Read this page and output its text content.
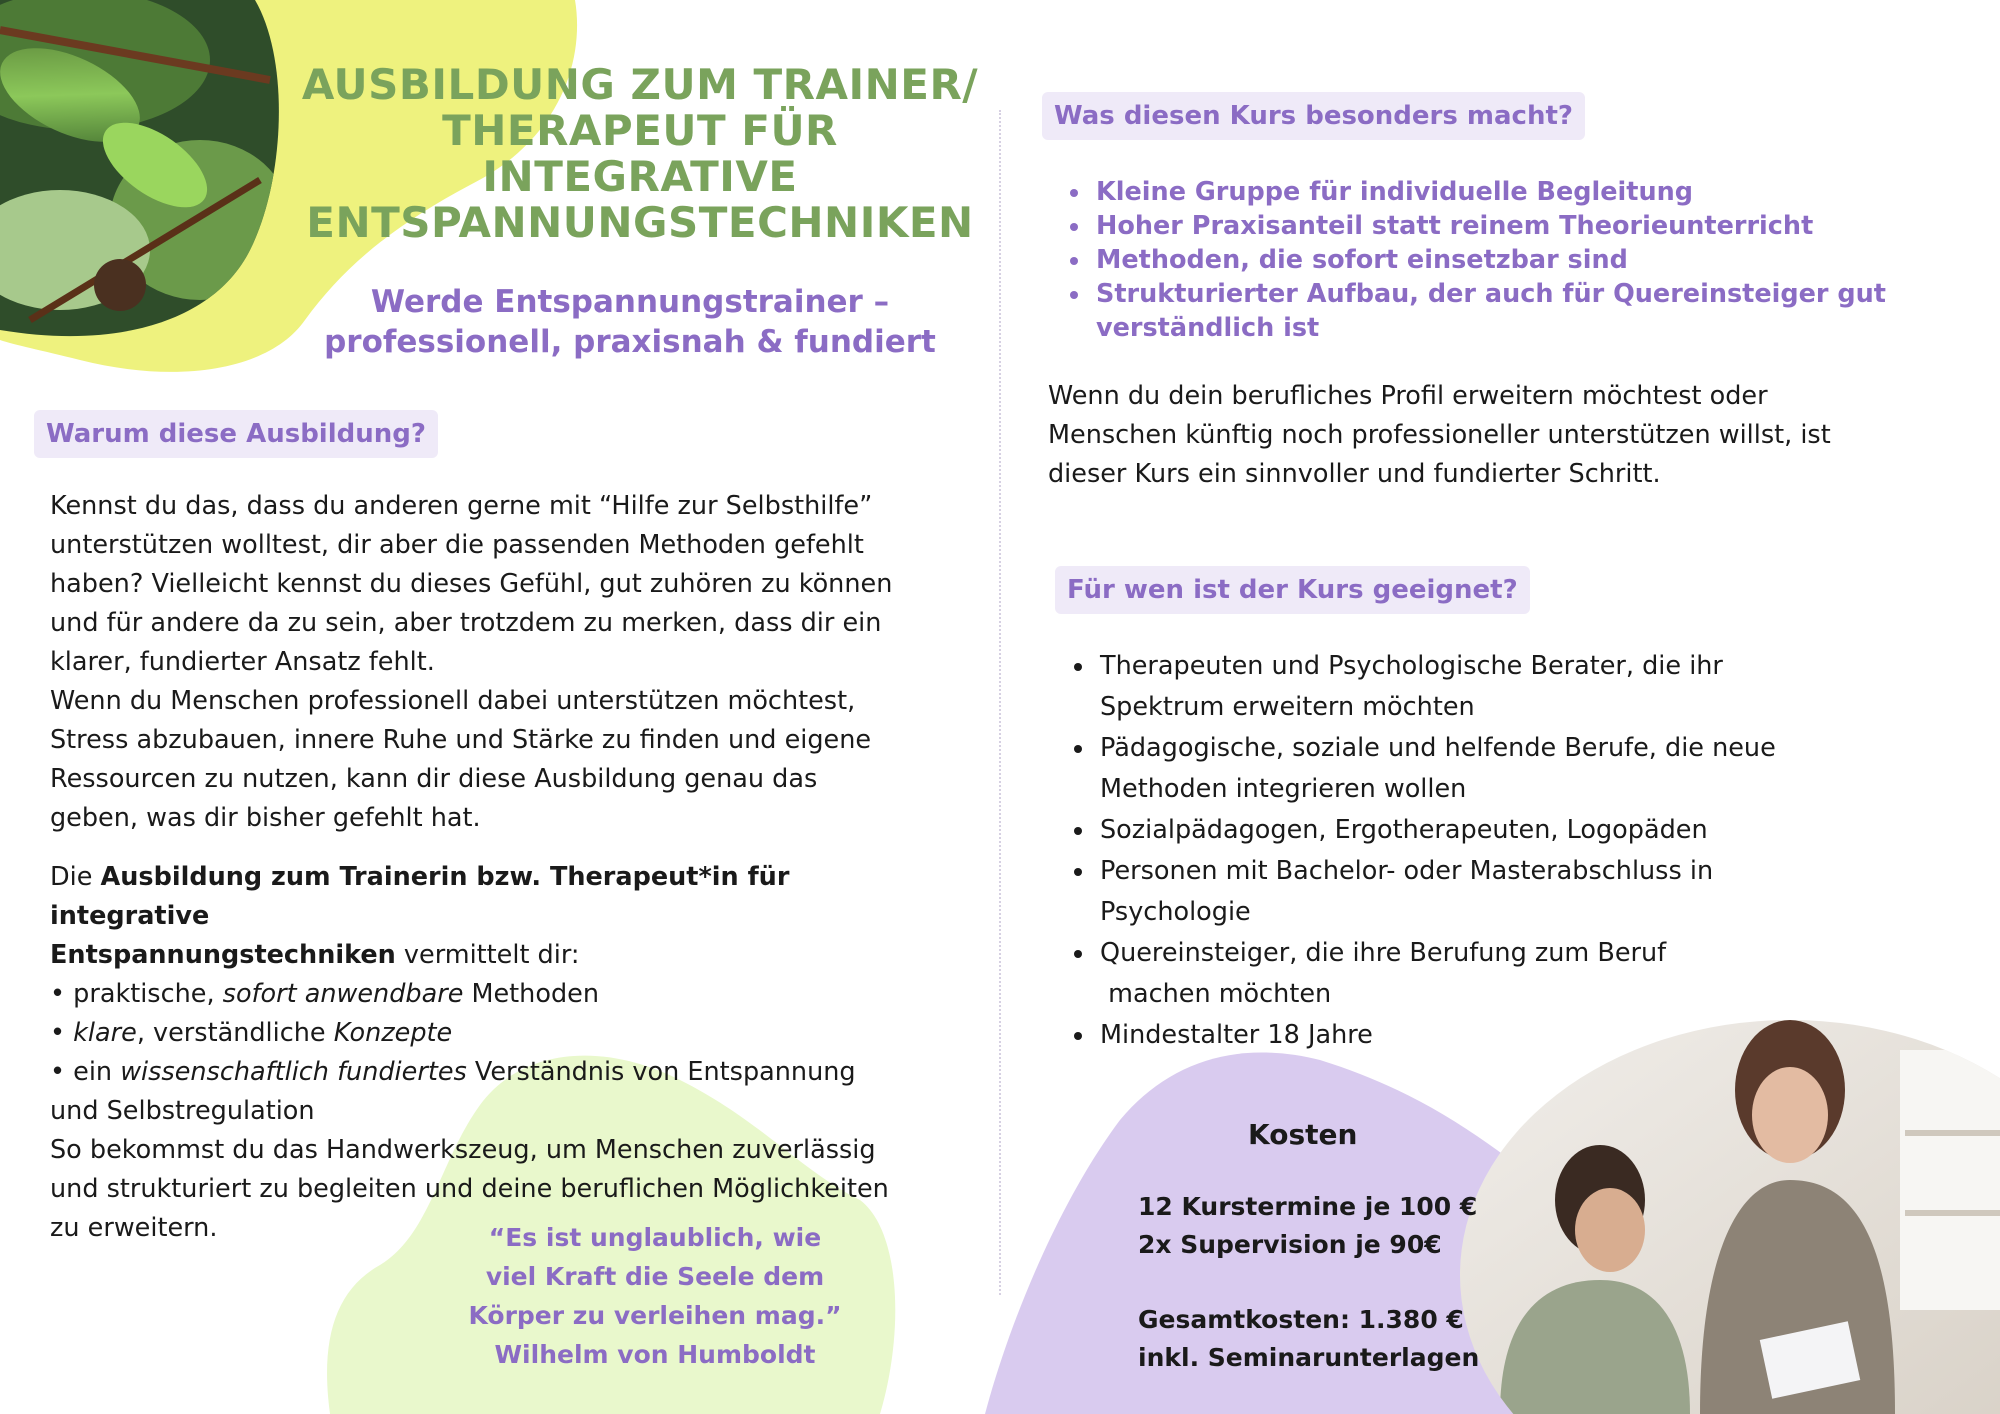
AUSBILDUNG ZUM TRAINER/
THERAPEUT FÜR
INTEGRATIVE
ENTSPANNUNGSTECHNIKEN
Werde Entspannungstrainer –
professionell, praxisnah & fundiert
Warum diese Ausbildung?

Kennst du das, dass du anderen gerne mit “Hilfe zur Selbsthilfe”

unterstützen wolltest, dir aber die passenden Methoden gefehlt

haben? Vielleicht kennst du dieses Gefühl, gut zuhören zu können

und für andere da zu sein, aber trotzdem zu merken, dass dir ein

klarer, fundierter Ansatz fehlt.

Wenn du Menschen professionell dabei unterstützen möchtest,

Stress abzubauen, innere Ruhe und Stärke zu finden und eigene

Ressourcen zu nutzen, kann dir diese Ausbildung genau das

geben, was dir bisher gefehlt hat.

Die Ausbildung zum Trainerin bzw. Therapeut*in für integrative

Entspannungstechniken vermittelt dir:

• praktische, sofort anwendbare Methoden

• klare, verständliche Konzepte

• ein wissenschaftlich fundiertes Verständnis von Entspannung

und Selbstregulation

So bekommst du das Handwerkszeug, um Menschen zuverlässig

und strukturiert zu begleiten und deine beruflichen Möglichkeiten

zu erweitern.	“Es ist unglaublich, wie
viel Kraft die Seele dem
Körper zu verleihen mag.”
Wilhelm von Humboldt
Was diesen Kurs besonders macht?
• Kleine Gruppe für individuelle Begleitung
• Hoher Praxisanteil statt reinem Theorieunterricht
• Methoden, die sofort einsetzbar sind
• Strukturierter Aufbau, der auch für Quereinsteiger gut verständlich ist
Wenn du dein berufliches Profil erweitern möchtest oder
Menschen künftig noch professioneller unterstützen willst, ist
dieser Kurs ein sinnvoller und fundierter Schritt.
Für wen ist der Kurs geeignet?
• Therapeuten und Psychologische Berater, die ihr
Spektrum erweitern möchten
• Pädagogische, soziale und helfende Berufe, die neue
Methoden integrieren wollen
• Sozialpädagogen, Ergotherapeuten, Logopäden
• Personen mit Bachelor- oder Masterabschluss in
Psychologie
• Quereinsteiger, die ihre Berufung zum Beruf
machen möchten
• Mindestalter 18 Jahre
Kosten
12 Kurstermine je 100 €
2x Supervision je 90€
Gesamtkosten: 1.380 €
inkl. Seminarunterlagen
